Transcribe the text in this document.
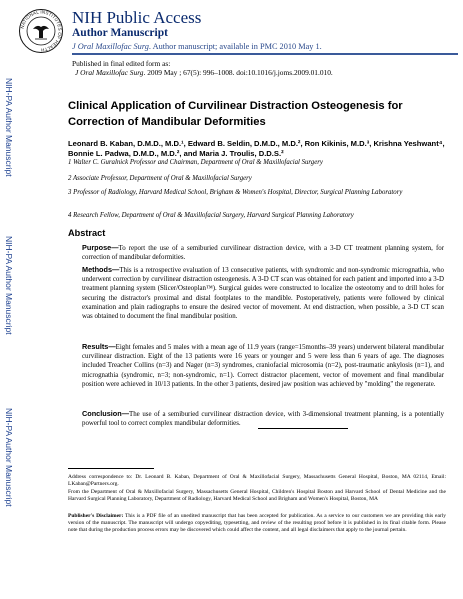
NATIONAL INSTITUTES OF HEALTH
NIH Public Access
Author Manuscript
J Oral Maxillofac Surg. Author manuscript; available in PMC 2010 May 1.
Published in final edited form as:
J Oral Maxillofac Surg. 2009 May ; 67(5): 996–1008. doi:10.1016/j.joms.2009.01.010.
NIH-PA Author Manuscript
NIH-PA Author Manuscript
NIH-PA Author Manuscript
Clinical Application of Curvilinear Distraction Osteogenesis for Correction of Mandibular Deformities
Leonard B. Kaban, D.M.D., M.D.¹, Edward B. Seldin, D.M.D., M.D.², Ron Kikinis, M.D.³, Krishna Yeshwant⁴, Bonnie L. Padwa, D.M.D., M.D.², and Maria J. Troulis, D.D.S.²
1 Walter C. Guralnick Professor and Chairman, Department of Oral & Maxillofacial Surgery
2 Associate Professor, Department of Oral & Maxillofacial Surgery
3 Professor of Radiology, Harvard Medical School, Brigham & Women's Hospital, Director, Surgical Planning Laboratory
4 Research Fellow, Department of Oral & Maxillofacial Surgery, Harvard Surgical Planning Laboratory
Abstract
Purpose—To report the use of a semiburied curvilinear distraction device, with a 3-D CT treatment planning system, for correction of mandibular deformities.
Methods—This is a retrospective evaluation of 13 consecutive patients, with syndromic and non-syndromic micrognathia, who underwent correction by curvilinear distraction osteogenesis. A 3-D CT scan was obtained for each patient and imported into a 3-D treatment planning system (Slicer/Osteoplan™). Surgical guides were constructed to localize the osteotomy and to drill holes for securing the distractor's proximal and distal footplates to the mandible. Postoperatively, patients were followed by clinical examination and plain radiographs to ensure the desired vector of movement. At end distraction, when possible, a 3-D CT scan was obtained to document the final mandibular position.
Results—Eight females and 5 males with a mean age of 11.9 years (range=15months–39 years) underwent bilateral mandibular curvilinear distraction. Eight of the 13 patients were 16 years or younger and 5 were less than 6 years of age. The diagnoses included Treacher Collins (n=3) and Nager (n=3) syndromes, craniofacial microsomia (n=2), post-traumatic ankylosis (n=1), and micrognathia (syndromic, n=3; non-syndromic, n=1). Correct distractor placement, vector of movement and final mandibular position were achieved in 10/13 patients. In the other 3 patients, desired jaw position was achieved by "molding" the regenerate.
Conclusion—The use of a semiburied curvilinear distraction device, with 3-dimensional treatment planning, is a potentially powerful tool to correct complex mandibular deformities.
Address correspondence to: Dr. Leonard B. Kaban, Department of Oral & Maxillofacial Surgery, Massachusetts General Hospital, Boston, MA 02114, Email: LKaban@Partners.org.
From the Department of Oral & Maxillofacial Surgery, Massachusetts General Hospital, Children's Hospital Boston and Harvard School of Dental Medicine and the Harvard Surgical Planning Laboratory, Department of Radiology, Harvard Medical School and Brigham and Women's Hospital, Boston, MA
Publisher's Disclaimer: This is a PDF file of an unedited manuscript that has been accepted for publication. As a service to our customers we are providing this early version of the manuscript. The manuscript will undergo copyediting, typesetting, and review of the resulting proof before it is published in its final citable form. Please note that during the production process errors may be discovered which could affect the content, and all legal disclaimers that apply to the journal pertain.
